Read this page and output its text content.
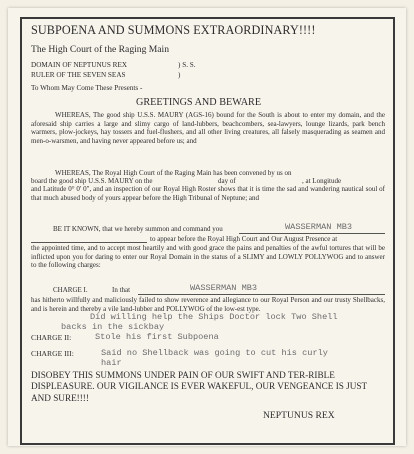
SUBPOENA AND SUMMONS EXTRAORDINARY!!!!
The High Court of the Raging Main
DOMAIN OF NEPTUNUS REX	) S. S.
RULER OF THE SEVEN SEAS	)
To Whom May Come These Presents -
GREETINGS AND BEWARE
WHEREAS, The good ship U.S.S. MAURY (AGS-16) bound for the South is about to enter my domain, and the aforesaid ship carries a large and slimy cargo of land-lubbers, beachcombers, sea-lawyers, lounge lizards, park bench warmers, plow-jockeys, hay tossers and fuel-flushers, and all other living creatures, all falsely masquerading as seamen and men-o-warsmen, and having never appeared before us; and
WHEREAS, The Royal High Court of the Raging Main has been convened by us on
board the good ship U.S.S. MAURY on the	day of	, at Longitude
and Latitude 0° 0' 0", and an inspection of our Royal High Roster shows that it is time the sad and wandering nautical soul of that much abused body of yours appear before the High Tribunal of Neptune; and
BE IT KNOWN, that we hereby summon and command you	WASSERMAN MB3
to appear before the Royal High Court and Our August Presence at
the appointed time, and to accept most heartily and with good grace the pains and penalties of the awful tortures that will be inflicted upon you for daring to enter our Royal Domain in the status of a SLIMY and LOWLY POLLYWOG and to answer to the following charges:
CHARGE I.	In that	WASSERMAN MB3
has hitherto willfully and maliciously failed to show reverence and allegiance to our Royal Person and our trusty Shellbacks, and is herein and thereby a vile land-lubber and POLLYWOG of the low-est type.
Did willing help the Ships Doctor lock Two Shell
backs in the sickbay
CHARGE II:	Stole his first Subpoena
CHARGE III:	Said no Shellback was going to cut his curly
hair
DISOBEY THIS SUMMONS UNDER PAIN OF OUR SWIFT AND TER-RIBLE DISPLEASURE. OUR VIGILANCE IS EVER WAKEFUL, OUR VENGEANCE IS JUST AND SURE!!!!
NEPTUNUS REX
